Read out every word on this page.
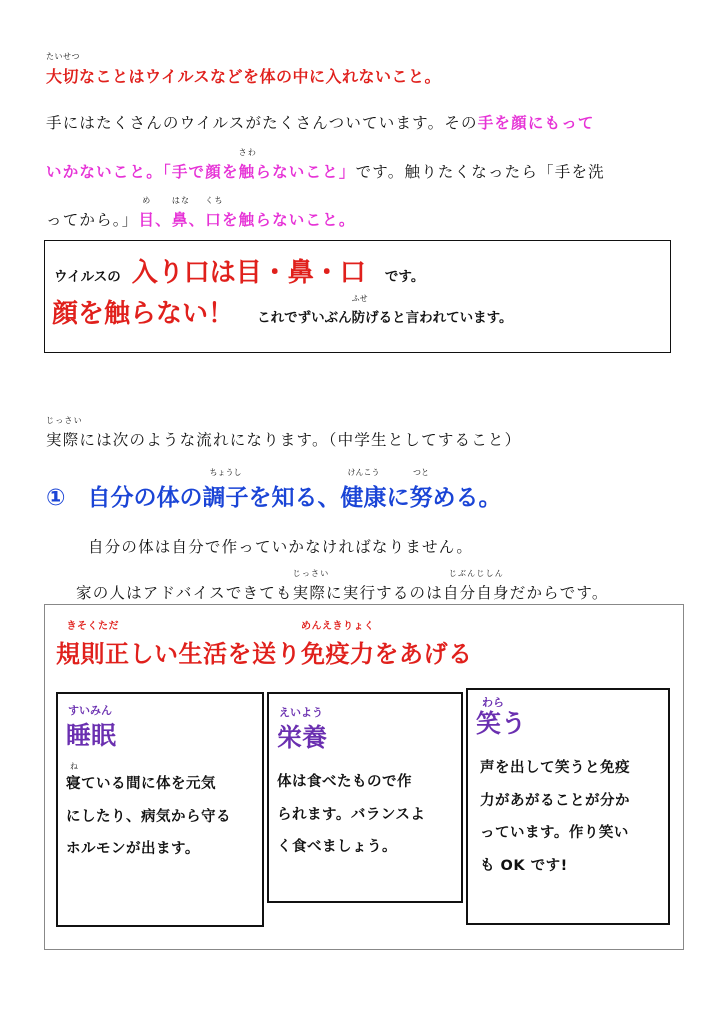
たいせつ
大切なことはウイルスなどを体の中に入れないこと。
手にはたくさんのウイルスがたくさんついています。その手を顔にもって
いかないこと。「手で顔を
さわ
触らないこと」です。触りたくなったら「手を洗
ってから。」
め
目、
はな
鼻、
くち
口を触らないこと。
ウイルスの 入り口は目・鼻・口 です。
顔を触らない！ これでずいぶん
ふせ
防げると言われています。
じっさい
実際には次のような流れになります。（中学生としてすること）
① 自分の体の
ちょうし
調子を知る、
けんこう
健康に
つと
努める。
自分の体は自分で作っていかなければなりません。
家の人はアドバイスできても
じっさい
実際に実行するのは
じぶんじしん
自分自身だからです。
きそくただ
規則正しい生活を送り
めんえきりょく
免疫力をあげる
すいみん
睡眠
ね
寝ている間に体を元気
にしたり、病気から守る
ホルモンが出ます。
えいよう
栄養
体は食べたもので作
られます。バランスよ
く食べましょう。
わら
笑う
声を出して笑うと免疫
力があがることが分か
っています。作り笑い
も OK です!
